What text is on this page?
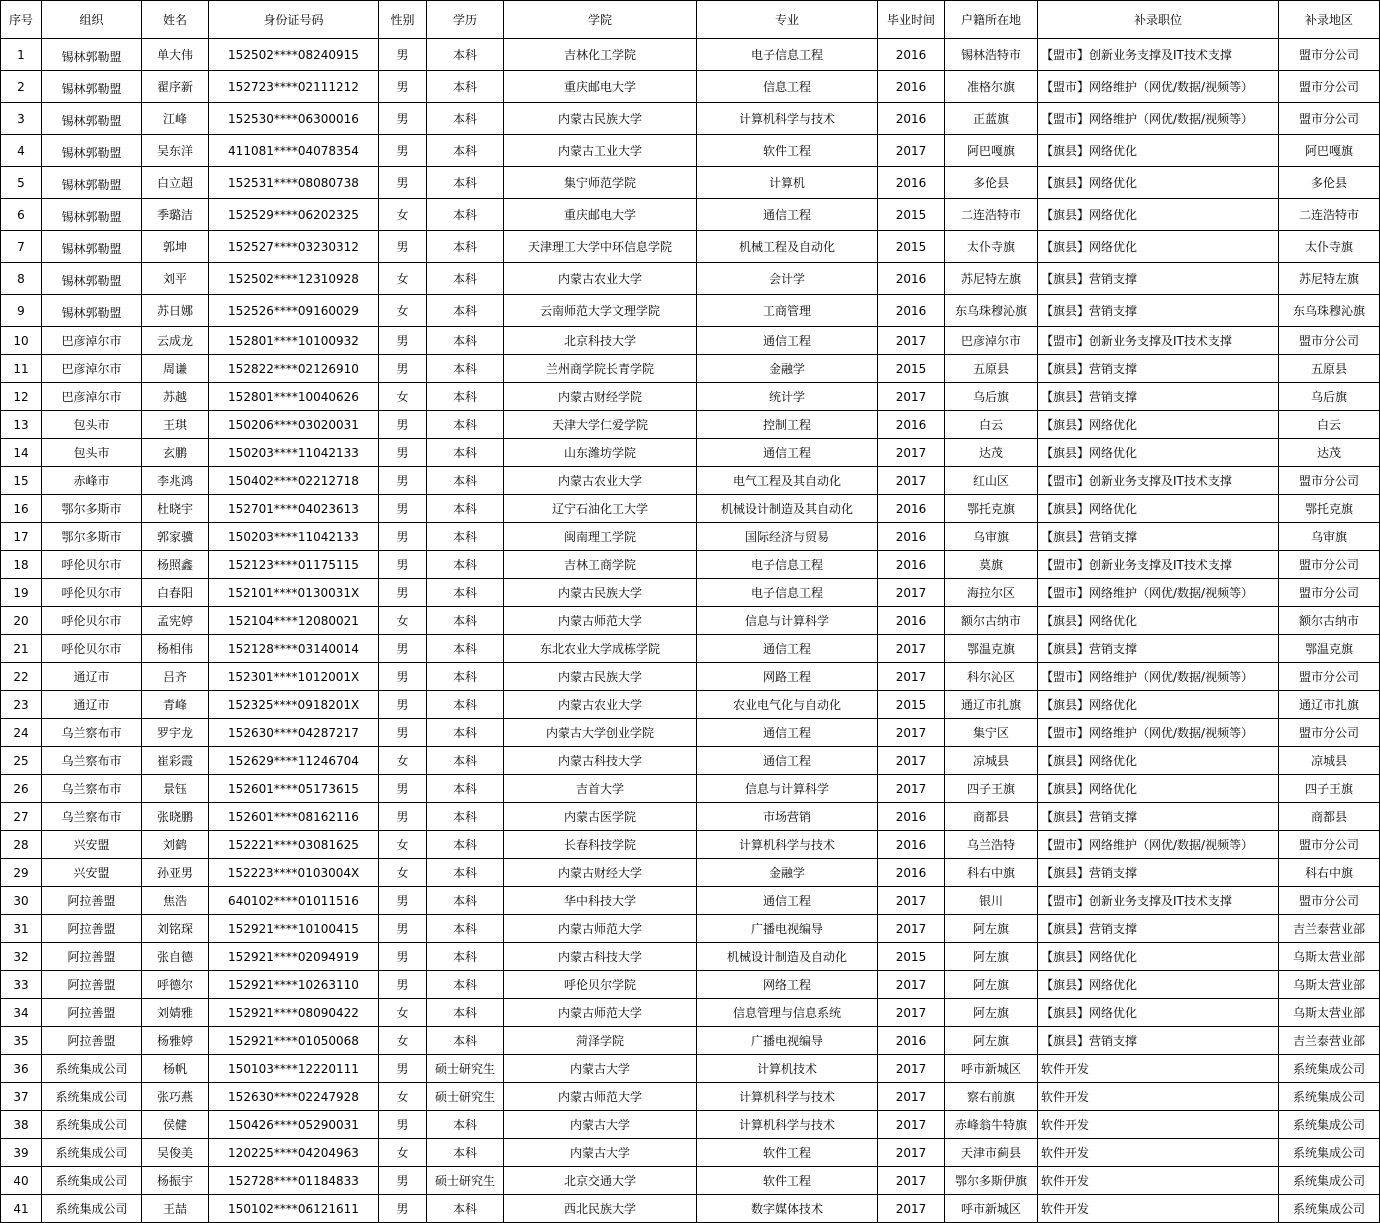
序号	组织	姓名	身份证号码	性别	学历	学院	专业	毕业时间	户籍所在地	补录职位	补录地区
1	锡林郭勒盟	单大伟	152502****08240915	男	本科	吉林化工学院	电子信息工程	2016	锡林浩特市	【盟市】创新业务支撑及IT技术支撑	盟市分公司
2	锡林郭勒盟	翟序新	152723****02111212	男	本科	重庆邮电大学	信息工程	2016	准格尔旗	【盟市】网络维护（网优/数据/视频等）	盟市分公司
3	锡林郭勒盟	江峰	152530****06300016	男	本科	内蒙古民族大学	计算机科学与技术	2016	正蓝旗	【盟市】网络维护（网优/数据/视频等）	盟市分公司
4	锡林郭勒盟	吴东洋	411081****04078354	男	本科	内蒙古工业大学	软件工程	2017	阿巴嘎旗	【旗县】网络优化	阿巴嘎旗
5	锡林郭勒盟	白立超	152531****08080738	男	本科	集宁师范学院	计算机	2016	多伦县	【旗县】网络优化	多伦县
6	锡林郭勒盟	季璐洁	152529****06202325	女	本科	重庆邮电大学	通信工程	2015	二连浩特市	【旗县】网络优化	二连浩特市
7	锡林郭勒盟	郭坤	152527****03230312	男	本科	天津理工大学中环信息学院	机械工程及自动化	2015	太仆寺旗	【旗县】网络优化	太仆寺旗
8	锡林郭勒盟	刘平	152502****12310928	女	本科	内蒙古农业大学	会计学	2016	苏尼特左旗	【旗县】营销支撑	苏尼特左旗
9	锡林郭勒盟	苏日娜	152526****09160029	女	本科	云南师范大学文理学院	工商管理	2016	东乌珠穆沁旗	【旗县】营销支撑	东乌珠穆沁旗
10	巴彦淖尔市	云成龙	152801****10100932	男	本科	北京科技大学	通信工程	2017	巴彦淖尔市	【盟市】创新业务支撑及IT技术支撑	盟市分公司
11	巴彦淖尔市	周谦	152822****02126910	男	本科	兰州商学院长青学院	金融学	2015	五原县	【旗县】营销支撑	五原县
12	巴彦淖尔市	苏越	152801****10040626	女	本科	内蒙古财经学院	统计学	2017	乌后旗	【旗县】营销支撑	乌后旗
13	包头市	王琪	150206****03020031	男	本科	天津大学仁爱学院	控制工程	2016	白云	【旗县】网络优化	白云
14	包头市	玄鹏	150203****11042133	男	本科	山东潍坊学院	通信工程	2017	达茂	【旗县】网络优化	达茂
15	赤峰市	李兆鸿	150402****02212718	男	本科	内蒙古农业大学	电气工程及其自动化	2017	红山区	【盟市】创新业务支撑及IT技术支撑	盟市分公司
16	鄂尔多斯市	杜晓宇	152701****04023613	男	本科	辽宁石油化工大学	机械设计制造及其自动化	2016	鄂托克旗	【旗县】网络优化	鄂托克旗
17	鄂尔多斯市	郭家骥	150203****11042133	男	本科	闽南理工学院	国际经济与贸易	2016	乌审旗	【旗县】营销支撑	乌审旗
18	呼伦贝尔市	杨照鑫	152123****01175115	男	本科	吉林工商学院	电子信息工程	2016	莫旗	【盟市】创新业务支撑及IT技术支撑	盟市分公司
19	呼伦贝尔市	白春阳	152101****0130031X	男	本科	内蒙古民族大学	电子信息工程	2017	海拉尔区	【盟市】网络维护（网优/数据/视频等）	盟市分公司
20	呼伦贝尔市	孟宪婷	152104****12080021	女	本科	内蒙古师范大学	信息与计算科学	2016	额尔古纳市	【旗县】网络优化	额尔古纳市
21	呼伦贝尔市	杨相伟	152128****03140014	男	本科	东北农业大学成栋学院	通信工程	2017	鄂温克旗	【旗县】营销支撑	鄂温克旗
22	通辽市	吕齐	152301****1012001X	男	本科	内蒙古民族大学	网路工程	2017	科尔沁区	【盟市】网络维护（网优/数据/视频等）	盟市分公司
23	通辽市	青峰	152325****0918201X	男	本科	内蒙古农业大学	农业电气化与自动化	2015	通辽市扎旗	【旗县】网络优化	通辽市扎旗
24	乌兰察布市	罗宇龙	152630****04287217	男	本科	内蒙古大学创业学院	通信工程	2017	集宁区	【盟市】网络维护（网优/数据/视频等）	盟市分公司
25	乌兰察布市	崔彩霞	152629****11246704	女	本科	内蒙古科技大学	通信工程	2017	凉城县	【旗县】网络优化	凉城县
26	乌兰察布市	景钰	152601****05173615	男	本科	吉首大学	信息与计算科学	2017	四子王旗	【旗县】网络优化	四子王旗
27	乌兰察布市	张晓鹏	152601****08162116	男	本科	内蒙古医学院	市场营销	2016	商都县	【旗县】营销支撑	商都县
28	兴安盟	刘鹤	152221****03081625	女	本科	长春科技学院	计算机科学与技术	2016	乌兰浩特	【盟市】网络维护（网优/数据/视频等）	盟市分公司
29	兴安盟	孙亚男	152223****0103004X	女	本科	内蒙古财经大学	金融学	2016	科右中旗	【旗县】营销支撑	科右中旗
30	阿拉善盟	焦浩	640102****01011516	男	本科	华中科技大学	通信工程	2017	银川	【盟市】创新业务支撑及IT技术支撑	盟市分公司
31	阿拉善盟	刘铭琛	152921****10100415	男	本科	内蒙古师范大学	广播电视编导	2017	阿左旗	【旗县】营销支撑	吉兰泰营业部
32	阿拉善盟	张自德	152921****02094919	男	本科	内蒙古科技大学	机械设计制造及自动化	2015	阿左旗	【旗县】网络优化	乌斯太营业部
33	阿拉善盟	呼德尔	152921****10263110	男	本科	呼伦贝尔学院	网络工程	2017	阿左旗	【旗县】网络优化	乌斯太营业部
34	阿拉善盟	刘婧雅	152921****08090422	女	本科	内蒙古师范大学	信息管理与信息系统	2017	阿左旗	【旗县】网络优化	乌斯太营业部
35	阿拉善盟	杨雅婷	152921****01050068	女	本科	菏泽学院	广播电视编导	2016	阿左旗	【旗县】营销支撑	吉兰泰营业部
36	系统集成公司	杨帆	150103****12220111	男	硕士研究生	内蒙古大学	计算机技术	2017	呼市新城区	软件开发	系统集成公司
37	系统集成公司	张巧燕	152630****02247928	女	硕士研究生	内蒙古师范大学	计算机科学与技术	2017	察右前旗	软件开发	系统集成公司
38	系统集成公司	侯健	150426****05290031	男	本科	内蒙古大学	计算机科学与技术	2017	赤峰翁牛特旗	软件开发	系统集成公司
39	系统集成公司	吴俊美	120225****04204963	女	本科	内蒙古大学	软件工程	2017	天津市蓟县	软件开发	系统集成公司
40	系统集成公司	杨振宇	152728****01184833	男	硕士研究生	北京交通大学	软件工程	2017	鄂尔多斯伊旗	软件开发	系统集成公司
41	系统集成公司	王喆	150102****06121611	男	本科	西北民族大学	数字媒体技术	2017	呼市新城区	软件开发	系统集成公司
